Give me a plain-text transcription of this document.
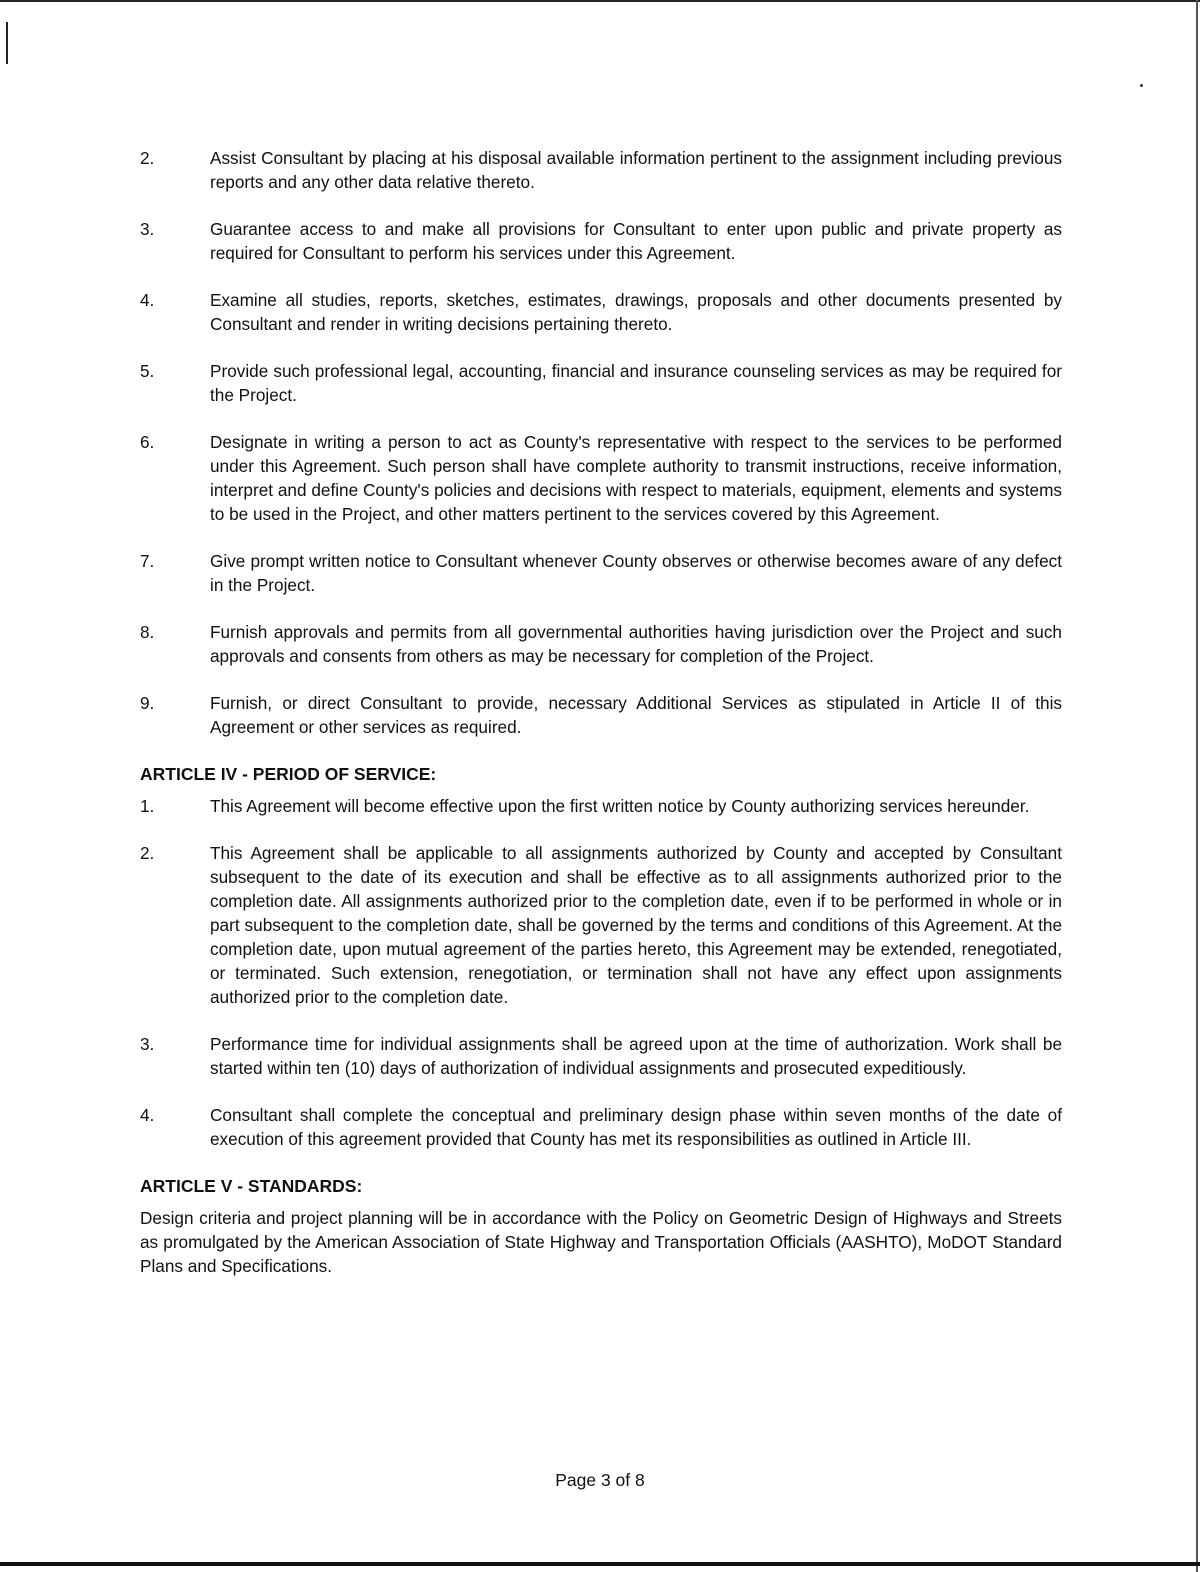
2.	Assist Consultant by placing at his disposal available information pertinent to the assignment including previous reports and any other data relative thereto.
3.	Guarantee access to and make all provisions for Consultant to enter upon public and private property as required for Consultant to perform his services under this Agreement.
4.	Examine all studies, reports, sketches, estimates, drawings, proposals and other documents presented by Consultant and render in writing decisions pertaining thereto.
5.	Provide such professional legal, accounting, financial and insurance counseling services as may be required for the Project.
6.	Designate in writing a person to act as County's representative with respect to the services to be performed under this Agreement. Such person shall have complete authority to transmit instructions, receive information, interpret and define County's policies and decisions with respect to materials, equipment, elements and systems to be used in the Project, and other matters pertinent to the services covered by this Agreement.
7.	Give prompt written notice to Consultant whenever County observes or otherwise becomes aware of any defect in the Project.
8.	Furnish approvals and permits from all governmental authorities having jurisdiction over the Project and such approvals and consents from others as may be necessary for completion of the Project.
9.	Furnish, or direct Consultant to provide, necessary Additional Services as stipulated in Article II of this Agreement or other services as required.
ARTICLE IV - PERIOD OF SERVICE:
1.	This Agreement will become effective upon the first written notice by County authorizing services hereunder.
2.	This Agreement shall be applicable to all assignments authorized by County and accepted by Consultant subsequent to the date of its execution and shall be effective as to all assignments authorized prior to the completion date. All assignments authorized prior to the completion date, even if to be performed in whole or in part subsequent to the completion date, shall be governed by the terms and conditions of this Agreement. At the completion date, upon mutual agreement of the parties hereto, this Agreement may be extended, renegotiated, or terminated. Such extension, renegotiation, or termination shall not have any effect upon assignments authorized prior to the completion date.
3.	Performance time for individual assignments shall be agreed upon at the time of authorization. Work shall be started within ten (10) days of authorization of individual assignments and prosecuted expeditiously.
4.	Consultant shall complete the conceptual and preliminary design phase within seven months of the date of execution of this agreement provided that County has met its responsibilities as outlined in Article III.
ARTICLE V - STANDARDS:
Design criteria and project planning will be in accordance with the Policy on Geometric Design of Highways and Streets as promulgated by the American Association of State Highway and Transportation Officials (AASHTO), MoDOT Standard Plans and Specifications.
Page 3 of 8
